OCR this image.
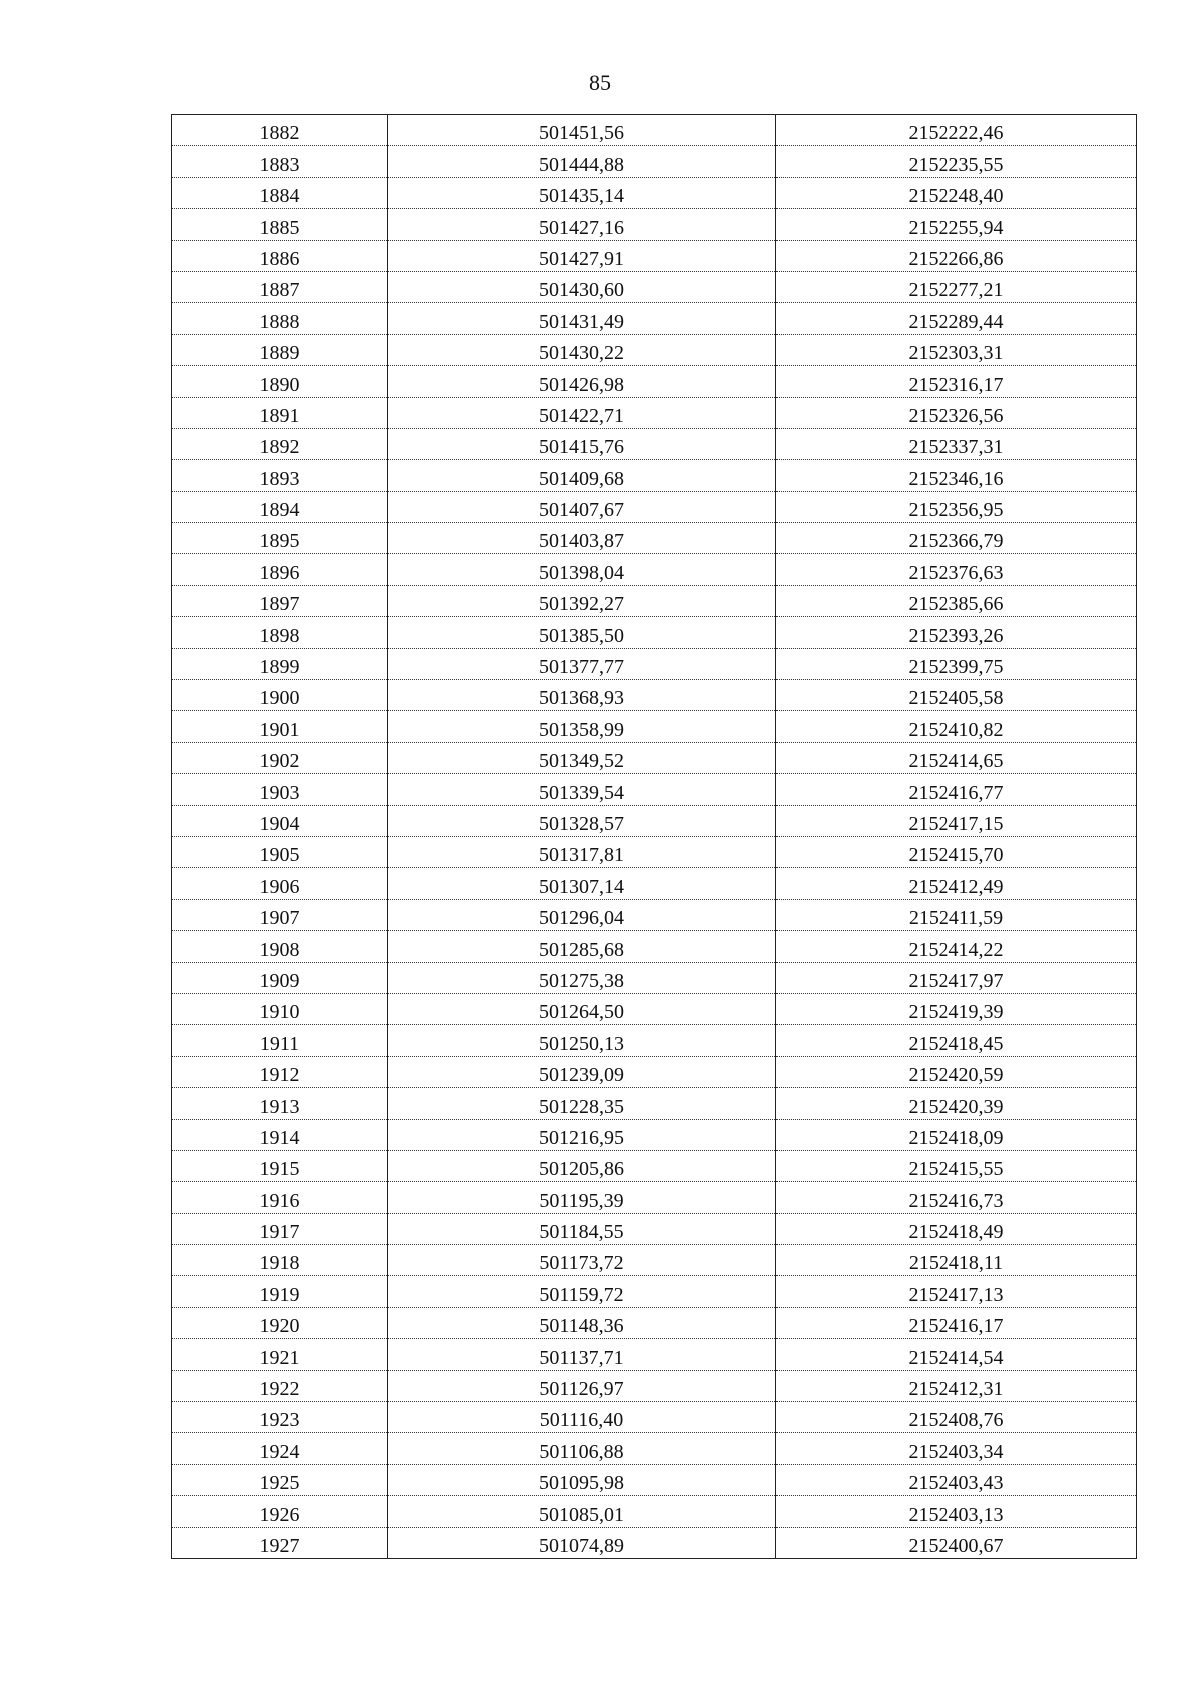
85
1882	501451,56	2152222,46
1883	501444,88	2152235,55
1884	501435,14	2152248,40
1885	501427,16	2152255,94
1886	501427,91	2152266,86
1887	501430,60	2152277,21
1888	501431,49	2152289,44
1889	501430,22	2152303,31
1890	501426,98	2152316,17
1891	501422,71	2152326,56
1892	501415,76	2152337,31
1893	501409,68	2152346,16
1894	501407,67	2152356,95
1895	501403,87	2152366,79
1896	501398,04	2152376,63
1897	501392,27	2152385,66
1898	501385,50	2152393,26
1899	501377,77	2152399,75
1900	501368,93	2152405,58
1901	501358,99	2152410,82
1902	501349,52	2152414,65
1903	501339,54	2152416,77
1904	501328,57	2152417,15
1905	501317,81	2152415,70
1906	501307,14	2152412,49
1907	501296,04	2152411,59
1908	501285,68	2152414,22
1909	501275,38	2152417,97
1910	501264,50	2152419,39
1911	501250,13	2152418,45
1912	501239,09	2152420,59
1913	501228,35	2152420,39
1914	501216,95	2152418,09
1915	501205,86	2152415,55
1916	501195,39	2152416,73
1917	501184,55	2152418,49
1918	501173,72	2152418,11
1919	501159,72	2152417,13
1920	501148,36	2152416,17
1921	501137,71	2152414,54
1922	501126,97	2152412,31
1923	501116,40	2152408,76
1924	501106,88	2152403,34
1925	501095,98	2152403,43
1926	501085,01	2152403,13
1927	501074,89	2152400,67
